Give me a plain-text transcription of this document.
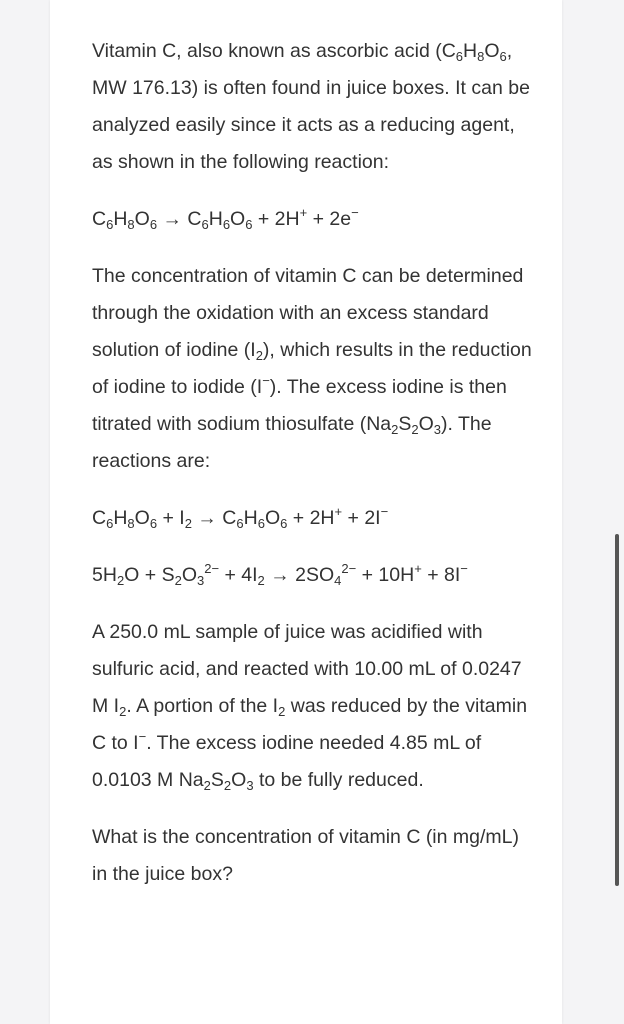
Vitamin C, also known as ascorbic acid ($C_6H_8O_6$, MW 176.13) is often found in juice boxes. It can be analyzed easily since it acts as a reducing agent, as shown in the following reaction:

$C_6H_8O_6 \to C_6H_6O_6 + 2H^+ + 2e^-$

The concentration of vitamin C can be determined through the oxidation with an excess standard solution of iodine $(I_2)$, which results in the reduction of iodine to iodide (I−). The excess iodine is then titrated with sodium thiosulfate $(Na_2S_2O_3)$. The reactions are:

$C_6H_8O_6 + I_2 \to C_6H_6O_6 + 2H^+ + 2I^-$

$5H_2O + S_2O_3^{2-} + 4I_2 \to 2SO_4^{2-} + 10H^+ + 8I^-$

A 250.0 mL sample of juice was acidified with sulfuric acid, and reacted with 10.00 mL of 0.0247 M $I_2$. A portion of the $I_2$ was reduced by the vitamin C to I−. The excess iodine needed 4.85 mL of 0.0103 M $Na_2S_2O_3$ to be fully reduced.

What is the concentration of vitamin C (in mg/mL) in the juice box?
